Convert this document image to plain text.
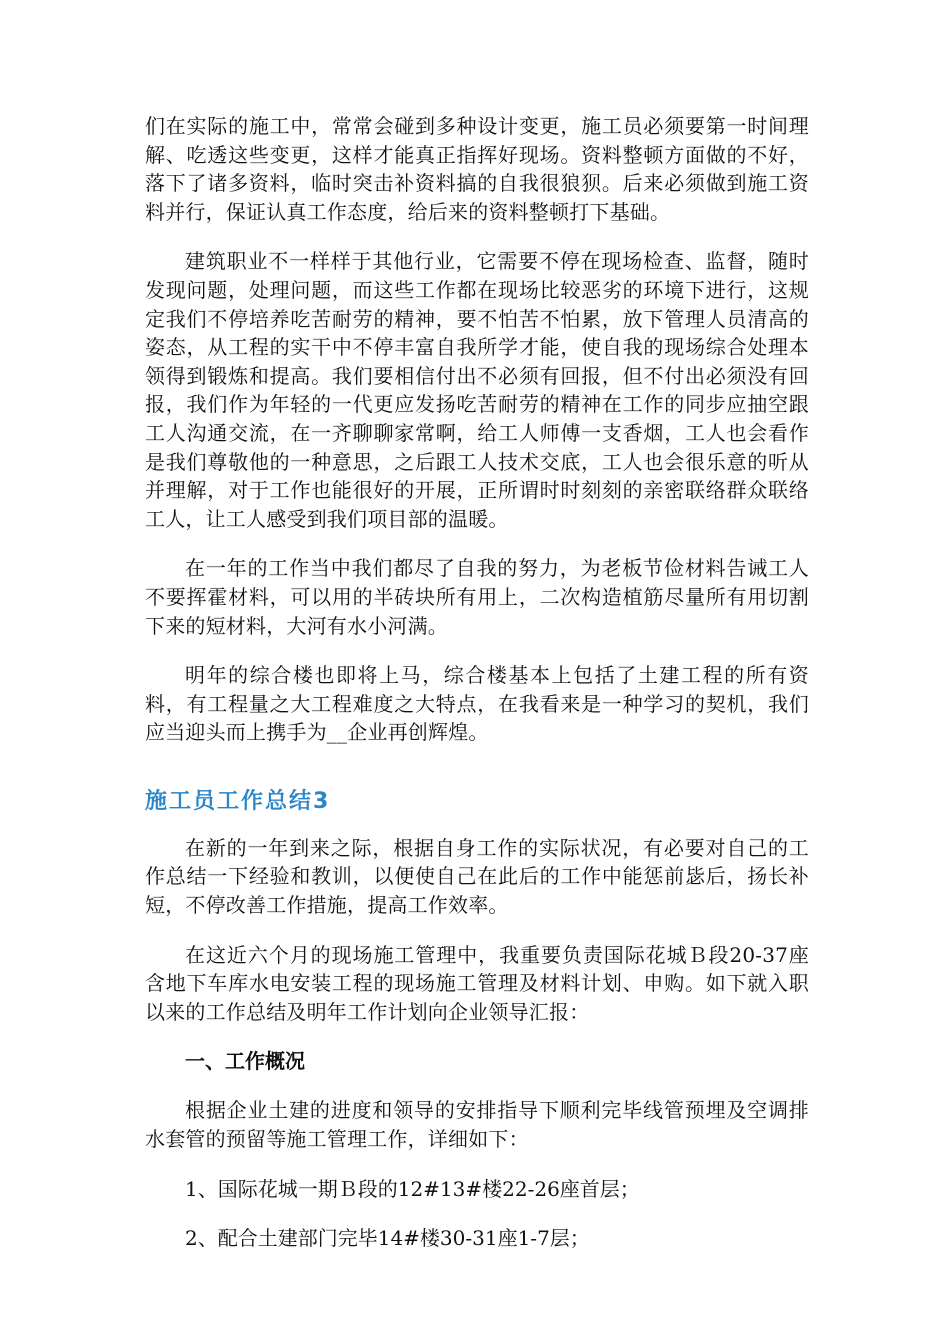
们在实际的施工中，常常会碰到多种设计变更，施工员必须要第一时间理解、吃透这些变更，这样才能真正指挥好现场。资料整顿方面做的不好，落下了诸多资料，临时突击补资料搞的自我很狼狈。后来必须做到施工资料并行，保证认真工作态度，给后来的资料整顿打下基础。

建筑职业不一样样于其他行业，它需要不停在现场检查、监督，随时发现问题，处理问题，而这些工作都在现场比较恶劣的环境下进行，这规定我们不停培养吃苦耐劳的精神，要不怕苦不怕累，放下管理人员清高的姿态，从工程的实干中不停丰富自我所学才能，使自我的现场综合处理本领得到锻炼和提高。我们要相信付出不必须有回报，但不付出必须没有回报，我们作为年轻的一代更应发扬吃苦耐劳的精神在工作的同步应抽空跟工人沟通交流，在一齐聊聊家常啊，给工人师傅一支香烟，工人也会看作是我们尊敬他的一种意思，之后跟工人技术交底，工人也会很乐意的听从并理解，对于工作也能很好的开展，正所谓时时刻刻的亲密联络群众联络工人，让工人感受到我们项目部的温暖。

在一年的工作当中我们都尽了自我的努力，为老板节俭材料告诫工人不要挥霍材料，可以用的半砖块所有用上，二次构造植筋尽量所有用切割下来的短材料，大河有水小河满。

明年的综合楼也即将上马，综合楼基本上包括了土建工程的所有资料，有工程量之大工程难度之大特点，在我看来是一种学习的契机，我们应当迎头而上携手为__企业再创辉煌。

施工员工作总结3

在新的一年到来之际，根据自身工作的实际状况，有必要对自己的工作总结一下经验和教训，以便使自己在此后的工作中能惩前毖后，扬长补短，不停改善工作措施，提高工作效率。

在这近六个月的现场施工管理中，我重要负责国际花城Ｂ段20-37座含地下车库水电安装工程的现场施工管理及材料计划、申购。如下就入职以来的工作总结及明年工作计划向企业领导汇报：

一、工作概况

根据企业土建的进度和领导的安排指导下顺利完毕线管预埋及空调排水套管的预留等施工管理工作，详细如下：

1、国际花城一期Ｂ段的12#13#楼22-26座首层；

2、配合土建部门完毕14#楼30-31座1-7层；
